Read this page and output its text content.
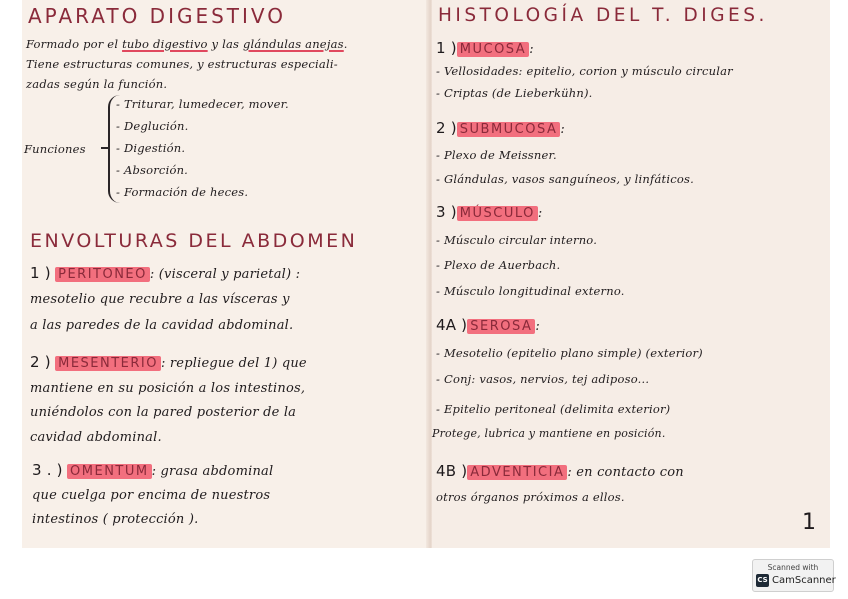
APARATO DIGESTIVO
Formado por el tubo digestivo y las glándulas anejas.
Tiene estructuras comunes, y estructuras especiali-
zadas según la función.
Funciones
- Triturar, lumedecer, mover.
- Deglución.
- Digestión.
- Absorción.
- Formación de heces.
ENVOLTURAS DEL ABDOMEN
1 ) PERITONEO : (visceral y parietal) :
mesotelio que recubre a las vísceras y
a las paredes de la cavidad abdominal.
2 ) MESENTERIO : repliegue del 1) que
mantiene en su posición a los intestinos,
uniéndolos con la pared posterior de la
cavidad abdominal.
3 . ) OMENTUM : grasa abdominal
que cuelga por encima de nuestros
intestinos ( protección ).
HISTOLOGÍA DEL T. DIGES.
1 ) MUCOSA :
- Vellosidades: epitelio, corion y músculo circular
- Criptas (de Lieberkühn).
2 ) SUBMUCOSA :
- Plexo de Meissner.
- Glándulas, vasos sanguíneos, y linfáticos.
3 ) MÚSCULO :
- Músculo circular interno.
- Plexo de Auerbach.
- Músculo longitudinal externo.
4A ) SEROSA :
- Mesotelio (epitelio plano simple) (exterior)
- Conj: vasos, nervios, tej adiposo...
- Epitelio peritoneal (delimita exterior)
Protege, lubrica y mantiene en posición.
4B ) ADVENTICIA : en contacto con
otros órganos próximos a ellos.
1
Scanned with
CS CamScanner
